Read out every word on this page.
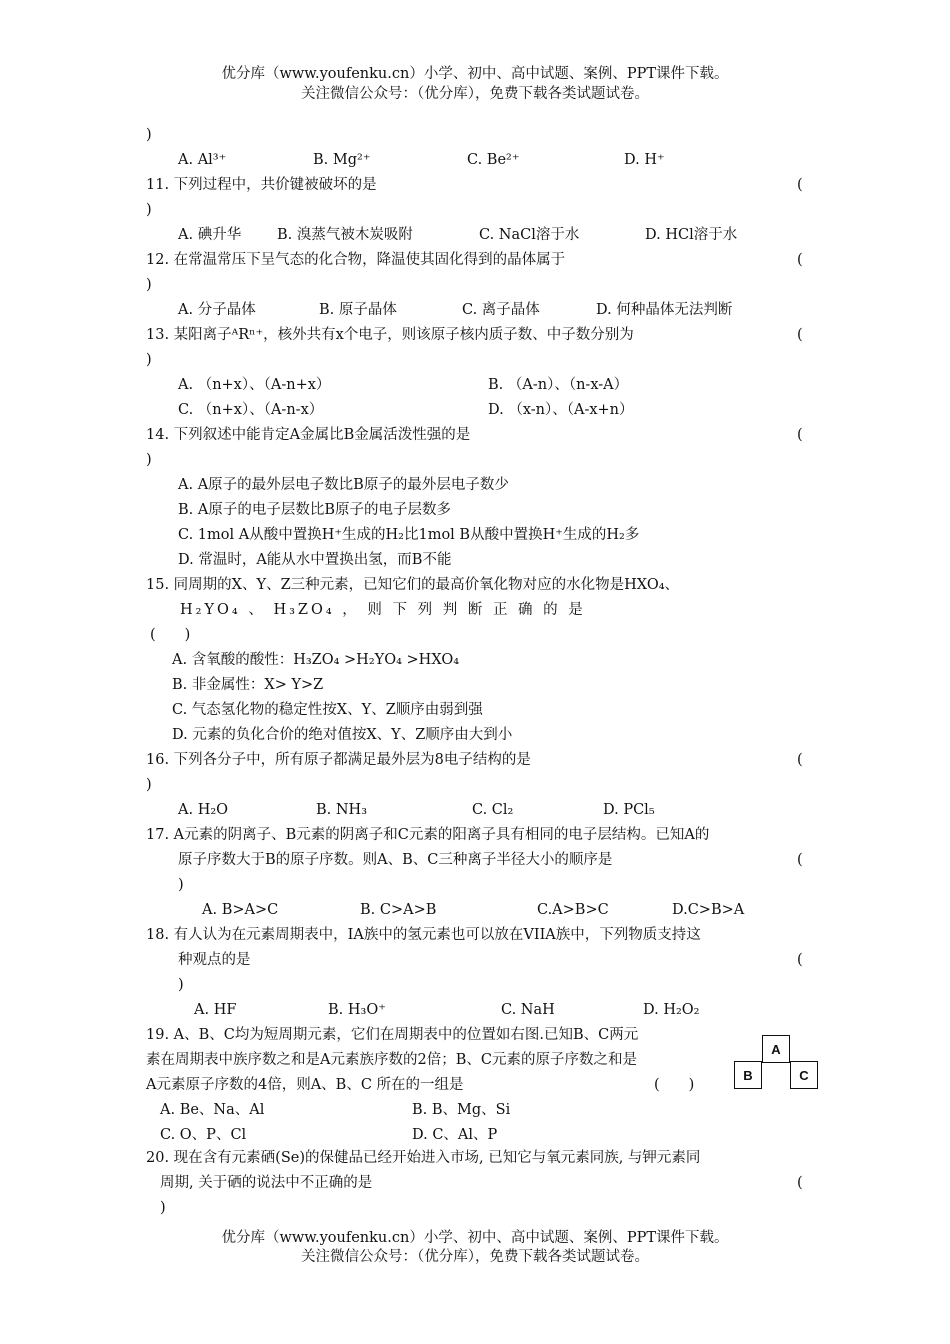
优分库（www.youfenku.cn）小学、初中、高中试题、案例、PPT课件下载。
关注微信公众号：（优分库），免费下载各类试题试卷。
)
A. Al³⁺	B. Mg²⁺	C. Be²⁺	D. H⁺
11. 下列过程中，共价键被破坏的是	(
)
A. 碘升华 B. 溴蒸气被木炭吸附	C. NaCl溶于水	D. HCl溶于水
12. 在常温常压下呈气态的化合物，降温使其固化得到的晶体属于	(
)
A. 分子晶体	B. 原子晶体	C. 离子晶体	D. 何种晶体无法判断
13. 某阳离子ᴬRⁿ⁺，核外共有x个电子，则该原子核内质子数、中子数分别为	(
)
A. （n+x）、（A-n+x）	B. （A-n）、（n-x-A）
C. （n+x）、（A-n-x）	D. （x-n）、（A-x+n）
14. 下列叙述中能肯定A金属比B金属活泼性强的是	(
)
A. A原子的最外层电子数比B原子的最外层电子数少
B. A原子的电子层数比B原子的电子层数多
C. 1mol A从酸中置换H⁺生成的H₂比1mol B从酸中置换H⁺生成的H₂多
D. 常温时，A能从水中置换出氢，而B不能
15. 同周期的X、Y、Z三种元素，已知它们的最高价氧化物对应的水化物是HXO₄、
H₂YO₄ 、 H₃ZO₄ ， 则 下 列 判 断 正 确 的 是
(　　)
A. 含氧酸的酸性：H₃ZO₄ >H₂YO₄ >HXO₄
B. 非金属性：X> Y>Z
C. 气态氢化物的稳定性按X、Y、Z顺序由弱到强
D. 元素的负化合价的绝对值按X、Y、Z顺序由大到小
16. 下列各分子中，所有原子都满足最外层为8电子结构的是	(
)
A. H₂O	B. NH₃	C. Cl₂	D. PCl₅
17. A元素的阴离子、B元素的阴离子和C元素的阳离子具有相同的电子层结构。已知A的
原子序数大于B的原子序数。则A、B、C三种离子半径大小的顺序是	(
)
A. B>A>C	B. C>A>B	C.A>B>C	D.C>B>A
18. 有人认为在元素周期表中，IA族中的氢元素也可以放在VIIA族中，下列物质支持这
种观点的是	(
)
A. HF	B. H₃O⁺	C. NaH	D. H₂O₂
19. A、B、C均为短周期元素，它们在周期表中的位置如右图.已知B、C两元
素在周期表中族序数之和是A元素族序数的2倍；B、C元素的原子序数之和是
A元素原子序数的4倍，则A、B、C 所在的一组是	(　　)
A. Be、Na、Al	B. B、Mg、Si
C. O、P、Cl	D. C、Al、P
A
B	C
20. 现在含有元素硒(Se)的保健品已经开始进入市场, 已知它与氧元素同族, 与钾元素同
周期, 关于硒的说法中不正确的是	(
)
优分库（www.youfenku.cn）小学、初中、高中试题、案例、PPT课件下载。
关注微信公众号：（优分库），免费下载各类试题试卷。
